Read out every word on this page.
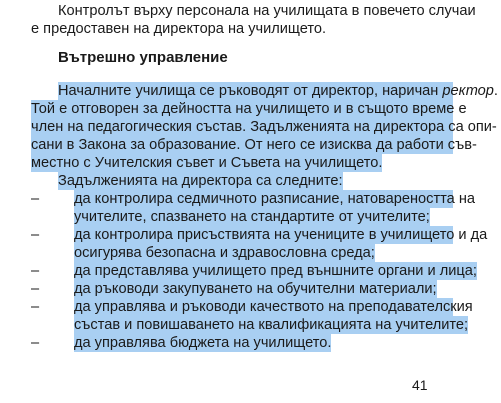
Контролът върху персонала на училищата в повечето случаи
е предоставен на директора на училището.
Вътрешно управление
Началните училища се ръководят от директор, наричан ректор.
Той е отговорен за дейността на училището и в същото време е
член на педагогическия състав. Задълженията на директора са опи-
сани в Закона за образование. От него се изисква да работи съв-
местно с Учителския съвет и Съвета на училището.
Задълженията на директора са следните:
– да контролира седмичното разписание, натовареността на
учителите, спазването на стандартите от учителите;
– да контролира присъствията на учениците в училището и да
осигурява безопасна и здравословна среда;
– да представлява училището пред външните органи и лица;
– да ръководи закупуването на обучителни материали;
– да управлява и ръководи качеството на преподавателския
състав и повишаването на квалификацията на учителите;
– да управлява бюджета на училището.
41
